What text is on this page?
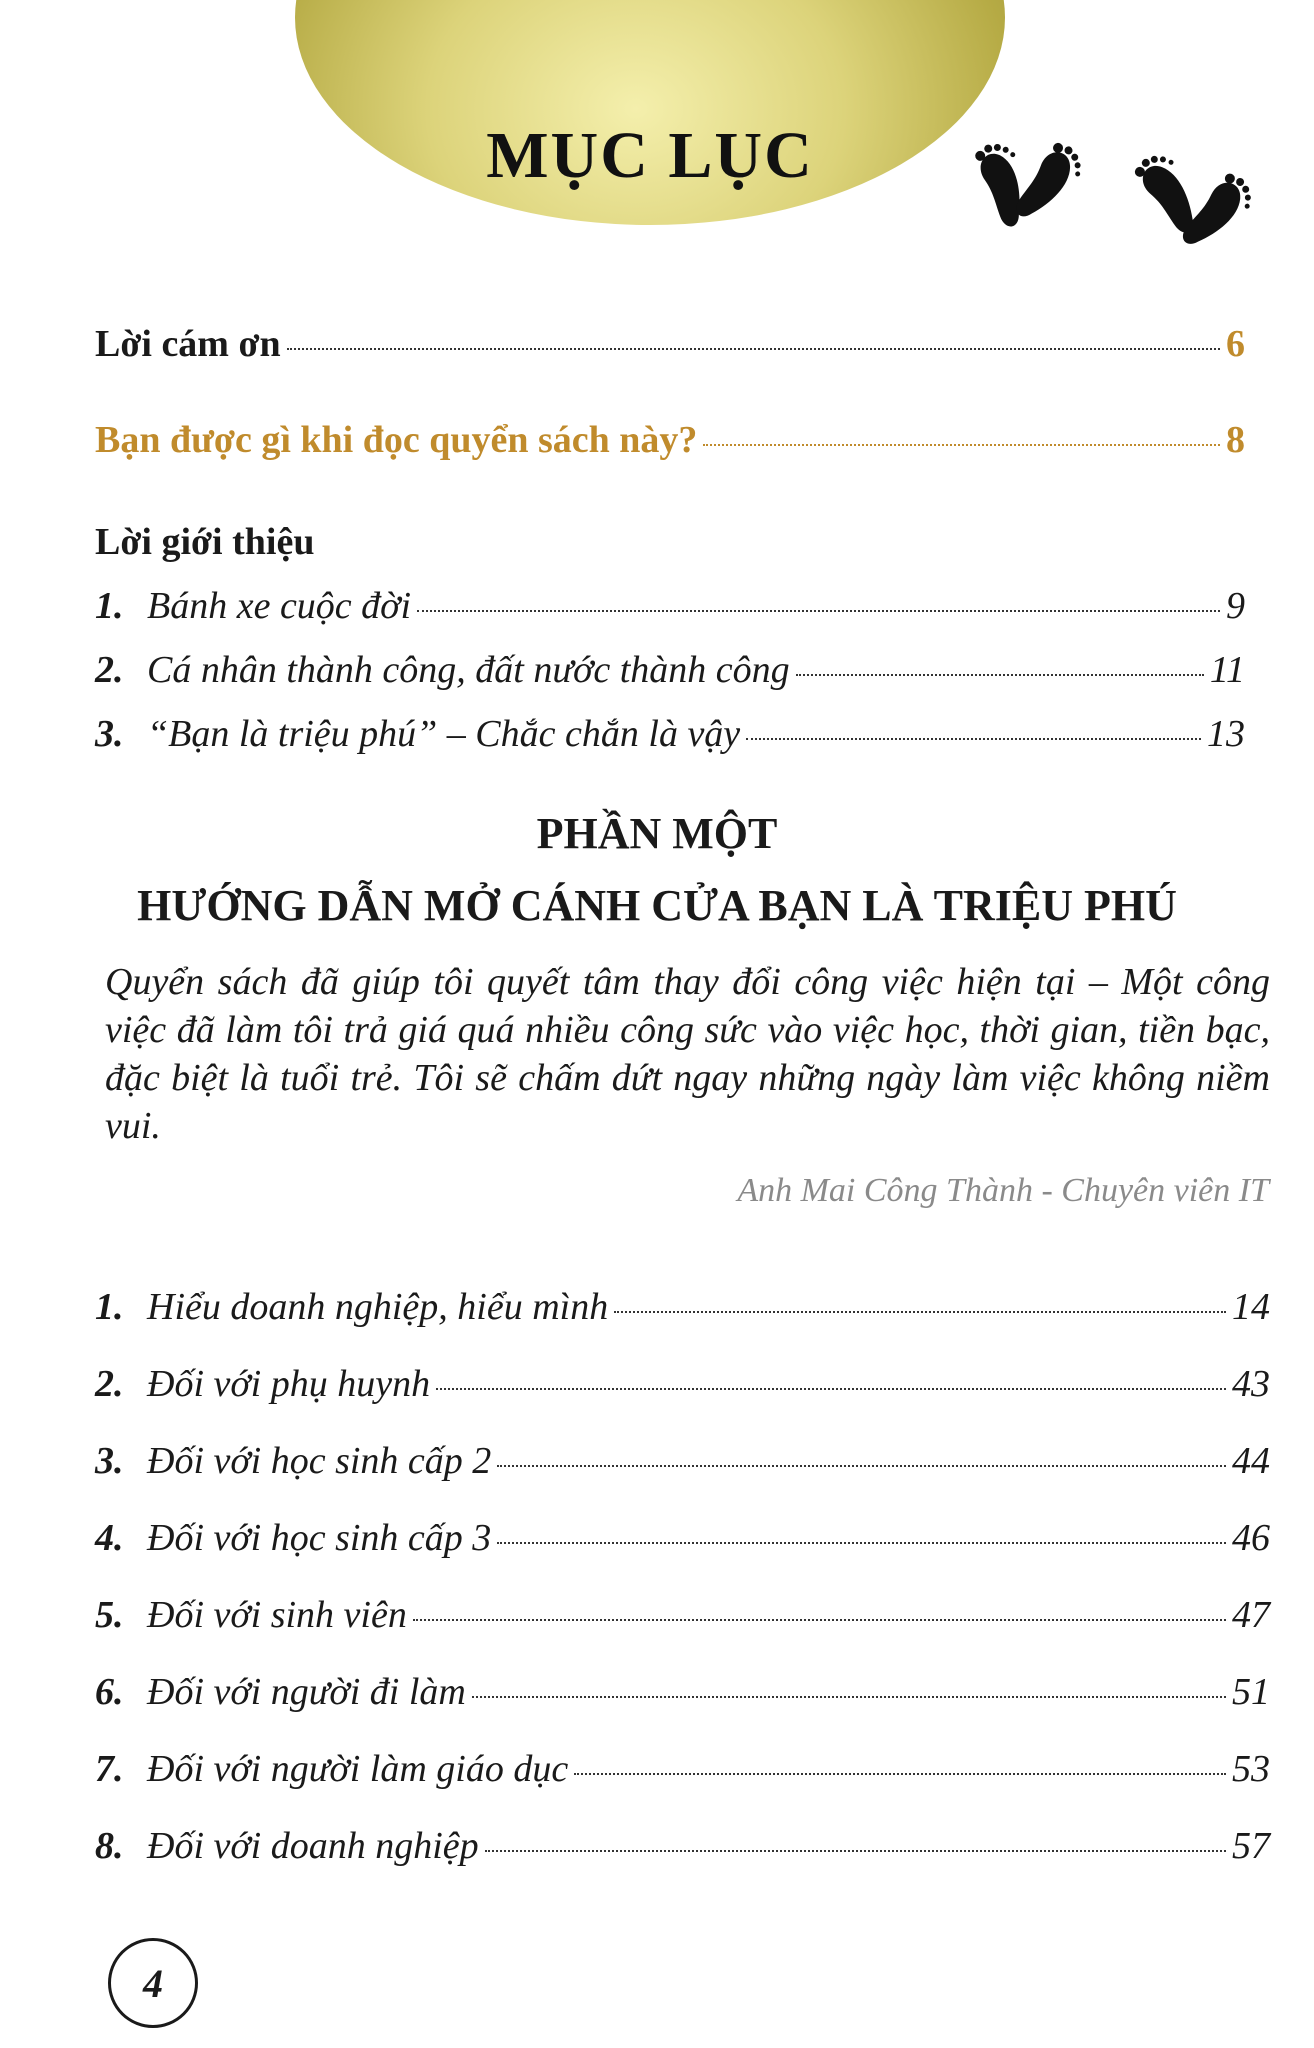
MỤC LỤC
Lời cám ơn	6
Bạn được gì khi đọc quyển sách này?	8
Lời giới thiệu
1. Bánh xe cuộc đời	9
2. Cá nhân thành công, đất nước thành công	11
3. “Bạn là triệu phú” – Chắc chắn là vậy	13
PHẦN MỘT
HƯỚNG DẪN MỞ CÁNH CỬA BẠN LÀ TRIỆU PHÚ
Quyển sách đã giúp tôi quyết tâm thay đổi công việc hiện tại – Một công việc đã làm tôi trả giá quá nhiều công sức vào việc học, thời gian, tiền bạc, đặc biệt là tuổi trẻ. Tôi sẽ chấm dứt ngay những ngày làm việc không niềm vui.
Anh Mai Công Thành - Chuyên viên IT
1. Hiểu doanh nghiệp, hiểu mình	14
2. Đối với phụ huynh	43
3. Đối với học sinh cấp 2	44
4. Đối với học sinh cấp 3	46
5. Đối với sinh viên	47
6. Đối với người đi làm	51
7. Đối với người làm giáo dục	53
8. Đối với doanh nghiệp	57
4
